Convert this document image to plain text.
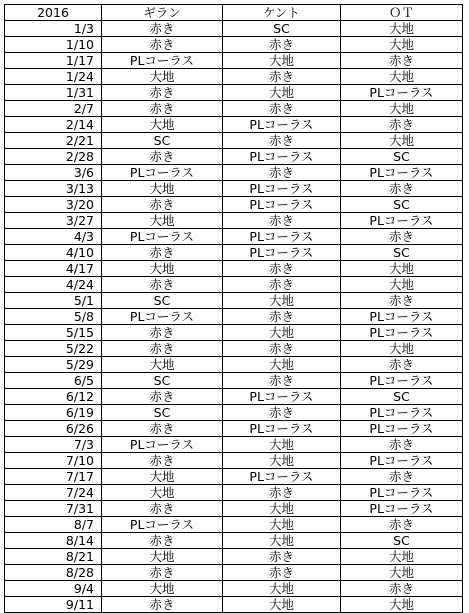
2016	ギラン	ケント	ＯＴ
1/3	赤き	SC	大地
1/10	赤き	赤き	大地
1/17	PLコーラス	大地	赤き
1/24	大地	赤き	大地
1/31	赤き	大地	PLコーラス
2/7	赤き	赤き	大地
2/14	大地	PLコーラス	赤き
2/21	SC	赤き	大地
2/28	赤き	PLコーラス	SC
3/6	PLコーラス	赤き	PLコーラス
3/13	大地	PLコーラス	赤き
3/20	赤き	PLコーラス	SC
3/27	大地	赤き	PLコーラス
4/3	PLコーラス	PLコーラス	赤き
4/10	赤き	PLコーラス	SC
4/17	大地	赤き	大地
4/24	赤き	赤き	大地
5/1	SC	大地	赤き
5/8	PLコーラス	赤き	PLコーラス
5/15	赤き	大地	PLコーラス
5/22	赤き	赤き	大地
5/29	大地	大地	赤き
6/5	SC	赤き	PLコーラス
6/12	赤き	PLコーラス	SC
6/19	SC	赤き	PLコーラス
6/26	赤き	PLコーラス	PLコーラス
7/3	PLコーラス	大地	赤き
7/10	赤き	大地	PLコーラス
7/17	大地	PLコーラス	赤き
7/24	大地	赤き	PLコーラス
7/31	赤き	大地	PLコーラス
8/7	PLコーラス	大地	赤き
8/14	赤き	大地	SC
8/21	大地	赤き	大地
8/28	赤き	赤き	大地
9/4	大地	大地	赤き
9/11	赤き	大地	大地
